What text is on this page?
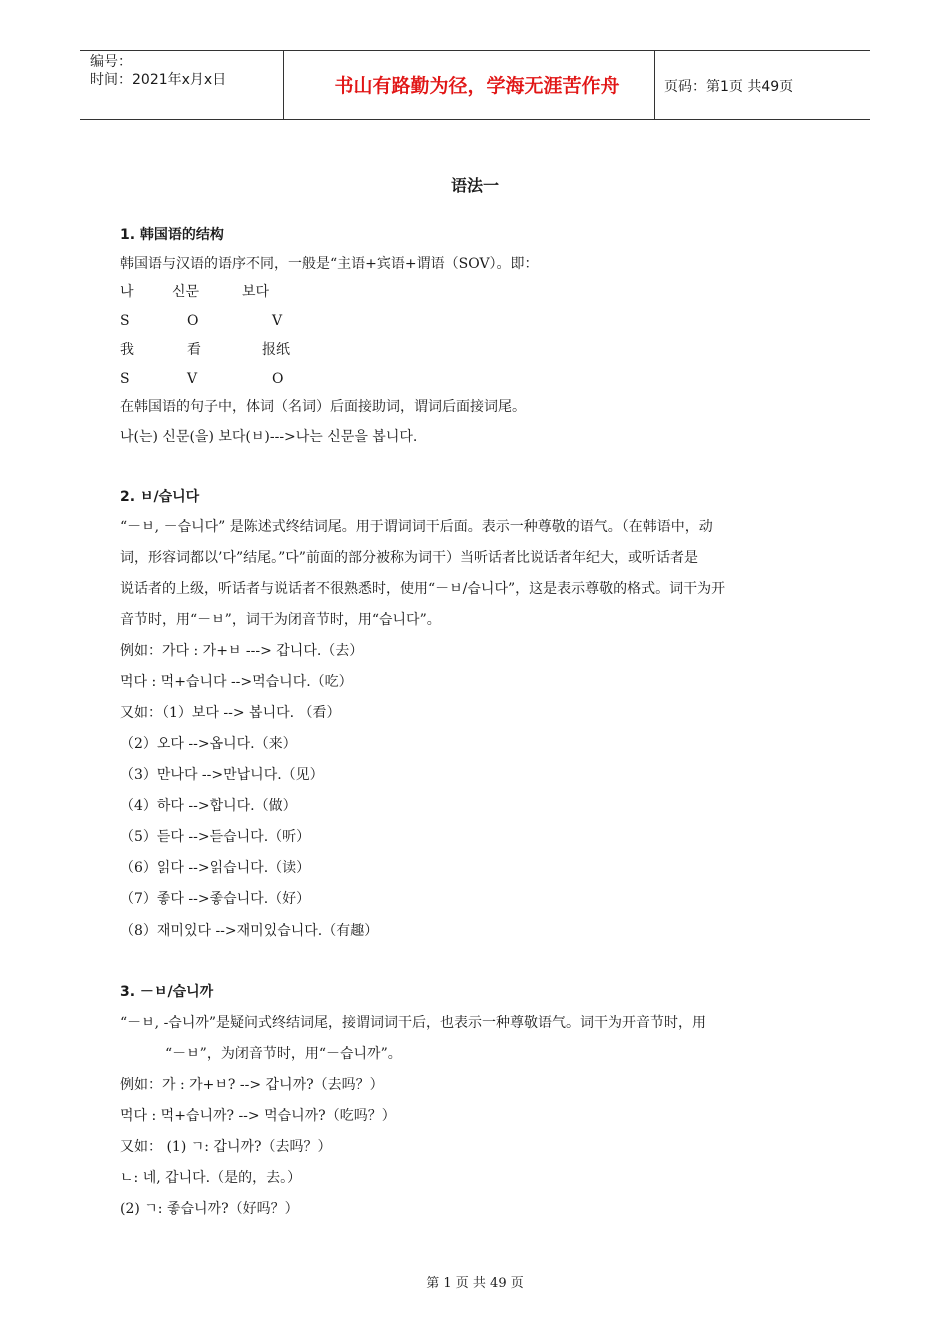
编号：
时间：2021年x月x日	书山有路勤为径，学海无涯苦作舟	页码：第1页 共49页
语法一
1. 韩国语的结构
韩国语与汉语的语序不同，一般是“主语+宾语+谓语（SOV）。即：
나	신문	보다
S	O	V
我	看	报纸
S	V	O
在韩国语的句子中，体词（名词）后面接助词，谓词后面接词尾。
나(는) 신문(을) 보다(ㅂ)--->나는 신문을 봅니다.
2. ㅂ/습니다
“－ㅂ, －습니다” 是陈述式终结词尾。用于谓词词干后面。表示一种尊敬的语气。（在韩语中，动
词，形容词都以’다”结尾。”다”前面的部分被称为词干）当听话者比说话者年纪大，或听话者是
说话者的上级，听话者与说话者不很熟悉时，使用“－ㅂ/습니다”，这是表示尊敬的格式。词干为开
音节时，用“－ㅂ”，词干为闭音节时，用“습니다”。
例如：가다 : 가+ㅂ ---> 갑니다.（去）
먹다 : 먹+습니다 -->먹습니다.（吃）
又如：（1）보다 --> 봅니다. （看）
（2）오다 -->옵니다.（来）
（3）만나다 -->만납니다.（见）
（4）하다 -->합니다.（做）
（5）듣다 -->듣습니다.（听）
（6）읽다 -->읽습니다.（读）
（7）좋다 -->좋습니다.（好）
（8）재미있다 -->재미있습니다.（有趣）
3. －ㅂ/습니까
“－ㅂ, -습니까”是疑问式终结词尾，接谓词词干后，也表示一种尊敬语气。词干为开音节时，用
“－ㅂ”，为闭音节时，用“－습니까”。
例如：가 : 가+ㅂ? --> 갑니까?（去吗？）
먹다 : 먹+습니까? --> 먹습니까?（吃吗？）
又如： (1) ㄱ: 갑니까?（去吗？）
ㄴ: 네, 갑니다.（是的，去。）
(2) ㄱ: 좋습니까?（好吗？）
第 1 页 共 49 页
